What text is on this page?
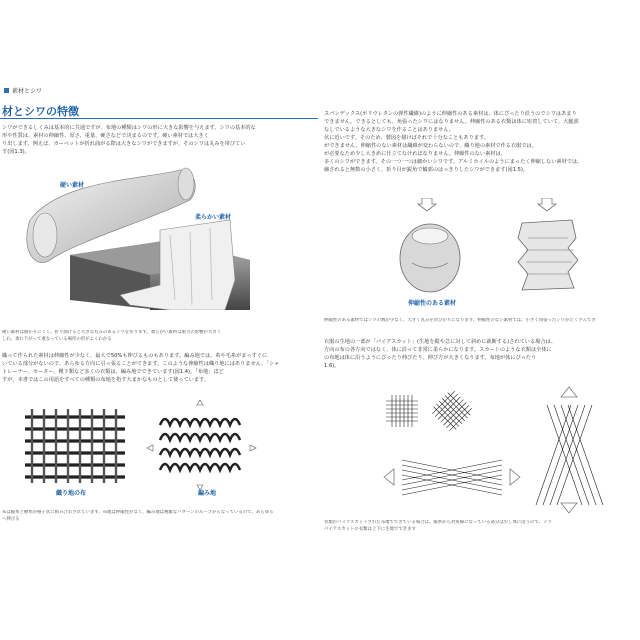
素材とシワ
材とシワの特徴
シワができるしくみは基本的に共通ですが、布地の種類はシワの形に大きな影響を与えます。シワの基本的な
形や性質は、素材の伸縮性、厚さ、重量、硬さなどで決まるのです。硬い素材では大きく
り出します。例えば、カーペットが折れ曲がる際は大きなシワができますが、そのシワは丸みを帯びてい
す(図1.3)。
硬い素材
柔らかい素材
硬い素材は曲がりにくく、折り曲げると大きな丸みのあるシワを作ります。柔らかい素材は重力の影響が大きく
しわ、垂れ下がって重なっている場所の形がよくわかる
織って作られた素材は伸縮性が少なく、最大で50%も伸びるものもあります。編み地では、糸や毛糸がまっすぐに
いている部分がないので、あらゆる方向に引っ張ることができます。このような伸縮性は織り地にはありません。「シャ
トレーナー、セーター、靴下類など多くの衣類は、編み地でできています(図1.4)。「布地」ほど
すが、本書ではこの用語をすべての種類の布地を指す大まかなものとして使っています。
織り地の布	編み地
布は縦糸と横糸が格子状に組み合わされています。布地は伸縮性がなく、編み地は複雑なパターンのループからなっているので、あらゆる
へ伸びる
スパンデックス(ポリウレタンの弾性繊維)のように伸縮性のある素材は、体にぴったり沿うのでシワはあまり
できません。できるとしても、角張ったシワにはなりません。伸縮性のある衣類は体に密着していて、大腿部
なしでいるような大きなシワを作ることはありません。
伏に近いです。そのため、製図を描けばそれで十分なこともあります。
ができません。伸縮性のない素材は繊維が変わらないので、織り地の素材で作る衣服では、
が必要なため少し大きめに仕立てなければなりません。伸縮性のない素材は、
多くのシワができます。その一つ一つは細かいシワです。アルミホイルのようにまったく伸縮しない素材では、
縮されると無数の小さく、折り目が鋭角で輪郭のはっきりしたシワができます(図1.5)。
伸縮性のある素材
伸縮性のある素材ではシワの数が少なく、大きく丸みを帯びがちになります。伸縮性のない素材では、小さく角張ったシワがたくさんでき
衣服の生地の一部が「バイアスカット」(生地を縦や急に対して斜めに裁断する)されている場合は、
方向の布の各方向ではなく、体に沿って非常に柔らかになります。スカートのような衣類は全体に
の布地は体に沿うようにぴったり伸びたり、伸び方が大きくなります。布地が体にぴったり
1.6)。
衣類がバイアスカットされた布地でできている場合は、縦糸から対角線になっている部分は少し体に沿うので、ドラ
バイアスカットの衣類は上下に生地でできます
